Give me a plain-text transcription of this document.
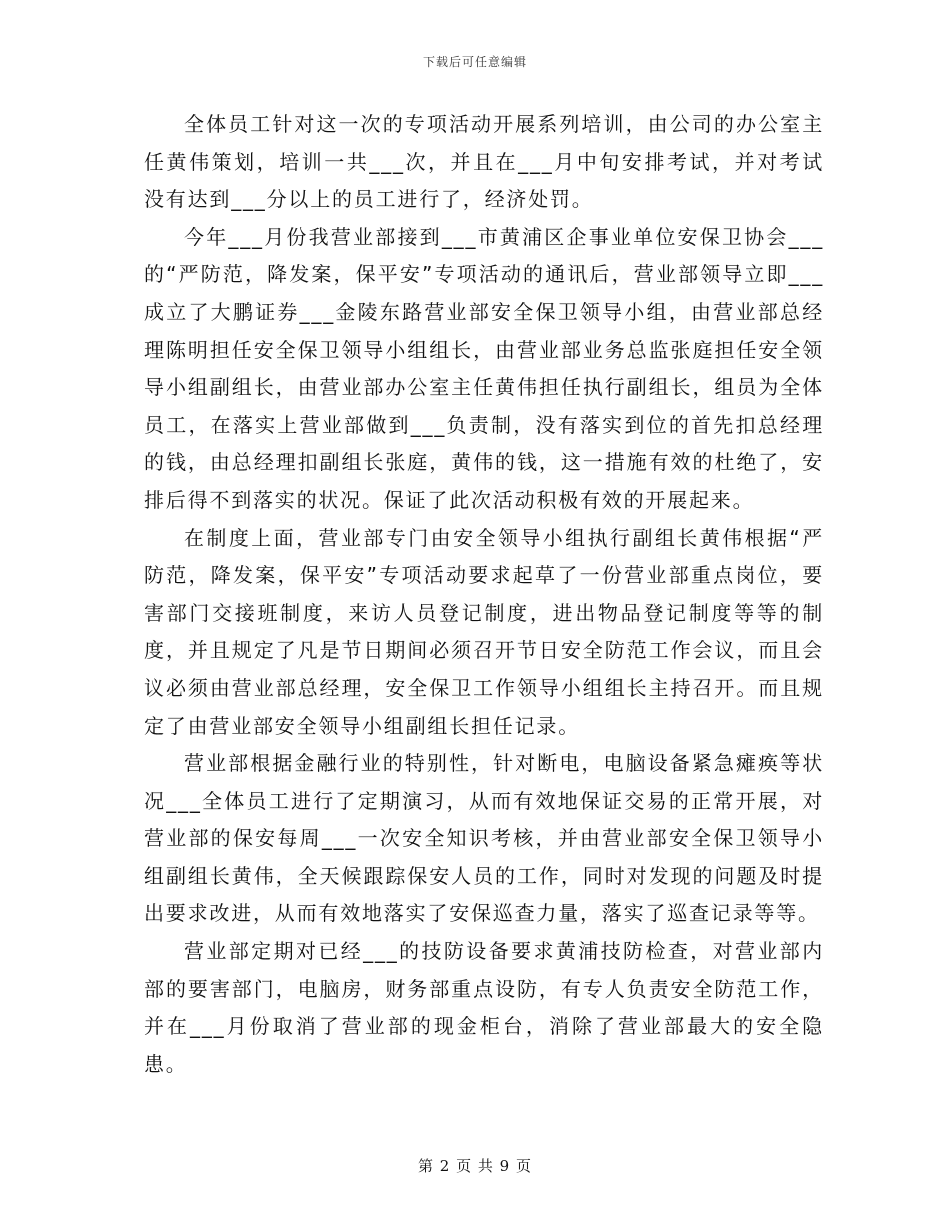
下载后可任意编辑

全体员工针对这一次的专项活动开展系列培训，由公司的办公室主任黄伟策划，培训一共___次，并且在___月中旬安排考试，并对考试没有达到___分以上的员工进行了，经济处罚。

今年___月份我营业部接到___市黄浦区企事业单位安保卫协会___的“严防范，降发案，保平安”专项活动的通讯后，营业部领导立即___成立了大鹏证券___金陵东路营业部安全保卫领导小组，由营业部总经理陈明担任安全保卫领导小组组长，由营业部业务总监张庭担任安全领导小组副组长，由营业部办公室主任黄伟担任执行副组长，组员为全体员工，在落实上营业部做到___负责制，没有落实到位的首先扣总经理的钱，由总经理扣副组长张庭，黄伟的钱，这一措施有效的杜绝了，安排后得不到落实的状况。保证了此次活动积极有效的开展起来。

在制度上面，营业部专门由安全领导小组执行副组长黄伟根据“严防范，降发案，保平安”专项活动要求起草了一份营业部重点岗位，要害部门交接班制度，来访人员登记制度，进出物品登记制度等等的制度，并且规定了凡是节日期间必须召开节日安全防范工作会议，而且会议必须由营业部总经理，安全保卫工作领导小组组长主持召开。而且规定了由营业部安全领导小组副组长担任记录。

营业部根据金融行业的特别性，针对断电，电脑设备紧急瘫痪等状况___全体员工进行了定期演习，从而有效地保证交易的正常开展，对营业部的保安每周___一次安全知识考核，并由营业部安全保卫领导小组副组长黄伟，全天候跟踪保安人员的工作，同时对发现的问题及时提出要求改进，从而有效地落实了安保巡查力量，落实了巡查记录等等。

营业部定期对已经___的技防设备要求黄浦技防检查，对营业部内部的要害部门，电脑房，财务部重点设防，有专人负责安全防范工作，并在___月份取消了营业部的现金柜台，消除了营业部最大的安全隐患。

第 2 页 共 9 页
